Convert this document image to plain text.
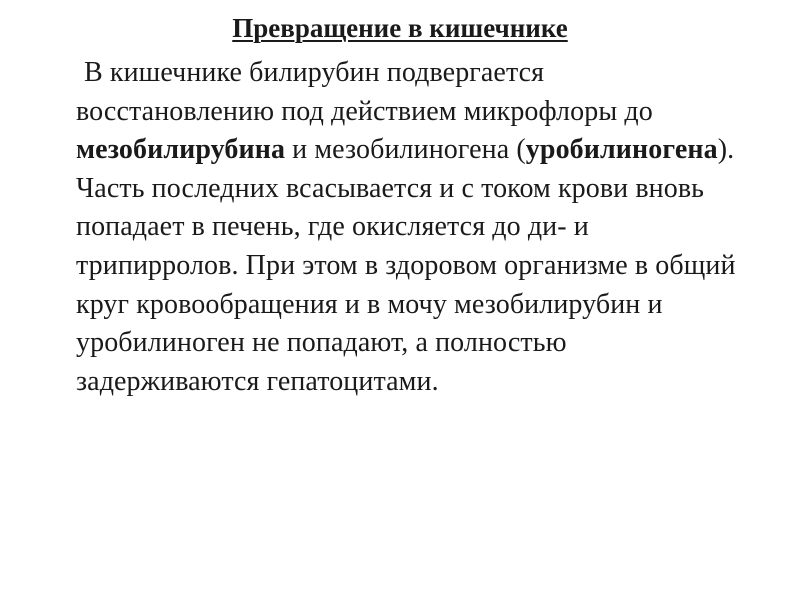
Превращение в кишечнике
В кишечнике билирубин подвергается восстановлению под действием микрофлоры до мезобилирубина и мезобилиногена (уробилиногена). Часть последних всасывается и с током крови вновь попадает в печень, где окисляется до ди- и трипирролов. При этом в здоровом организме в общий круг кровообращения и в мочу мезобилирубин и уробилиноген не попадают, а полностью задерживаются гепатоцитами.
